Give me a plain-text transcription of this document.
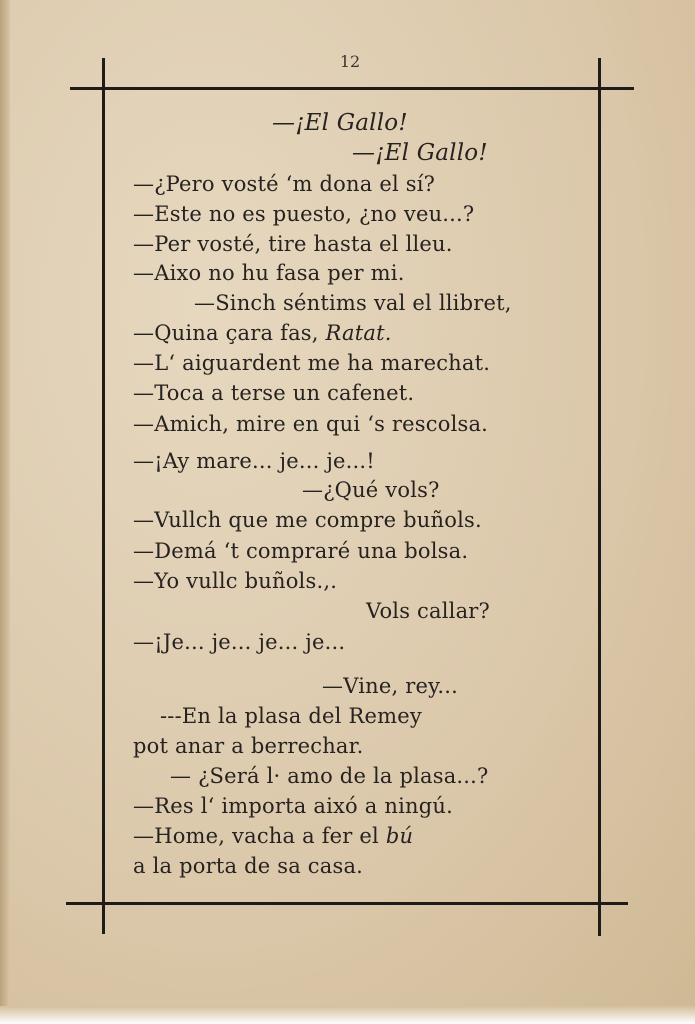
12
—¡El Gallo!
—¡El Gallo!
—¿Pero vosté ‘m dona el sí?
—Este no es puesto, ¿no veu...?
—Per vosté, tire hasta el lleu.
—Aixo no hu fasa per mi.
—Sinch séntims val el llibret,
—Quina çara fas, Ratat.
—L‘ aiguardent me ha marechat.
—Toca a terse un cafenet.
—Amich, mire en qui ‘s rescolsa.
—¡Ay mare... je... je...!
—¿Qué vols?
—Vullch que me compre buñols.
—Demá ‘t compraré una bolsa.
—Yo vullc buñols.,.
Vols callar?
—¡Je... je... je... je...
—Vine, rey...
---En la plasa del Remey
pot anar a berrechar.
— ¿Será l· amo de la plasa...?
—Res l‘ importa aixó a ningú.
—Home, vacha a fer el bú
a la porta de sa casa.
